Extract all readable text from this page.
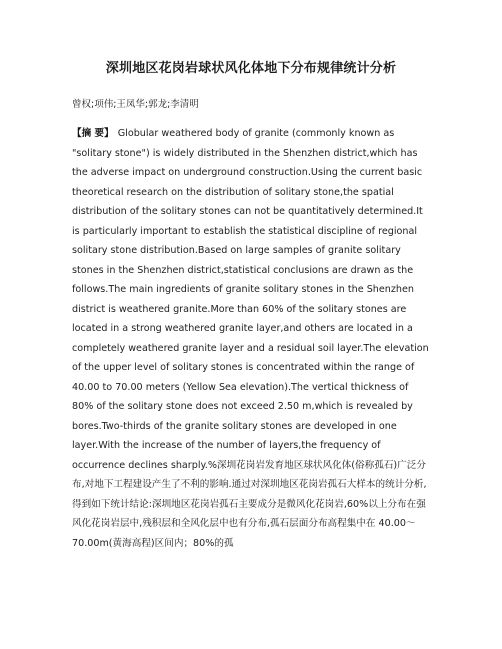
深圳地区花岗岩球状风化体地下分布规律统计分析
曾权;项伟;王凤华;郭龙;李清明

【摘 要】 Globular weathered body of granite (commonly known as "solitary stone") is widely distributed in the Shenzhen district,which has the adverse impact on underground construction.Using the current basic theoretical research on the distribution of solitary stone,the spatial distribution of the solitary stones can not be quantitatively determined.It is particularly important to establish the statistical discipline of regional solitary stone distribution.Based on large samples of granite solitary stones in the Shenzhen district,statistical conclusions are drawn as the follows.The main ingredients of granite solitary stones in the Shenzhen district is weathered granite.More than 60% of the solitary stones are located in a strong weathered granite layer,and others are located in a completely weathered granite layer and a residual soil layer.The elevation of the upper level of solitary stones is concentrated within the range of 40.00 to 70.00 meters (Yellow Sea elevation).The vertical thickness of 80% of the solitary stone does not exceed 2.50 m,which is revealed by bores.Two-thirds of the granite solitary stones are developed in one layer.With the increase of the number of layers,the frequency of occurrence declines sharply.%深圳花岗岩发育地区球状风化体(俗称孤石)广泛分布,对地下工程建设产生了不利的影响.通过对深圳地区花岗岩孤石大样本的统计分析,得到如下统计结论:深圳地区花岗岩孤石主要成分是微风化花岗岩,60%以上分布在强风化花岗岩层中,残积层和全风化层中也有分布,孤石层面分布高程集中在 40.00～70.00m(黄海高程)区间内；80%的孤
